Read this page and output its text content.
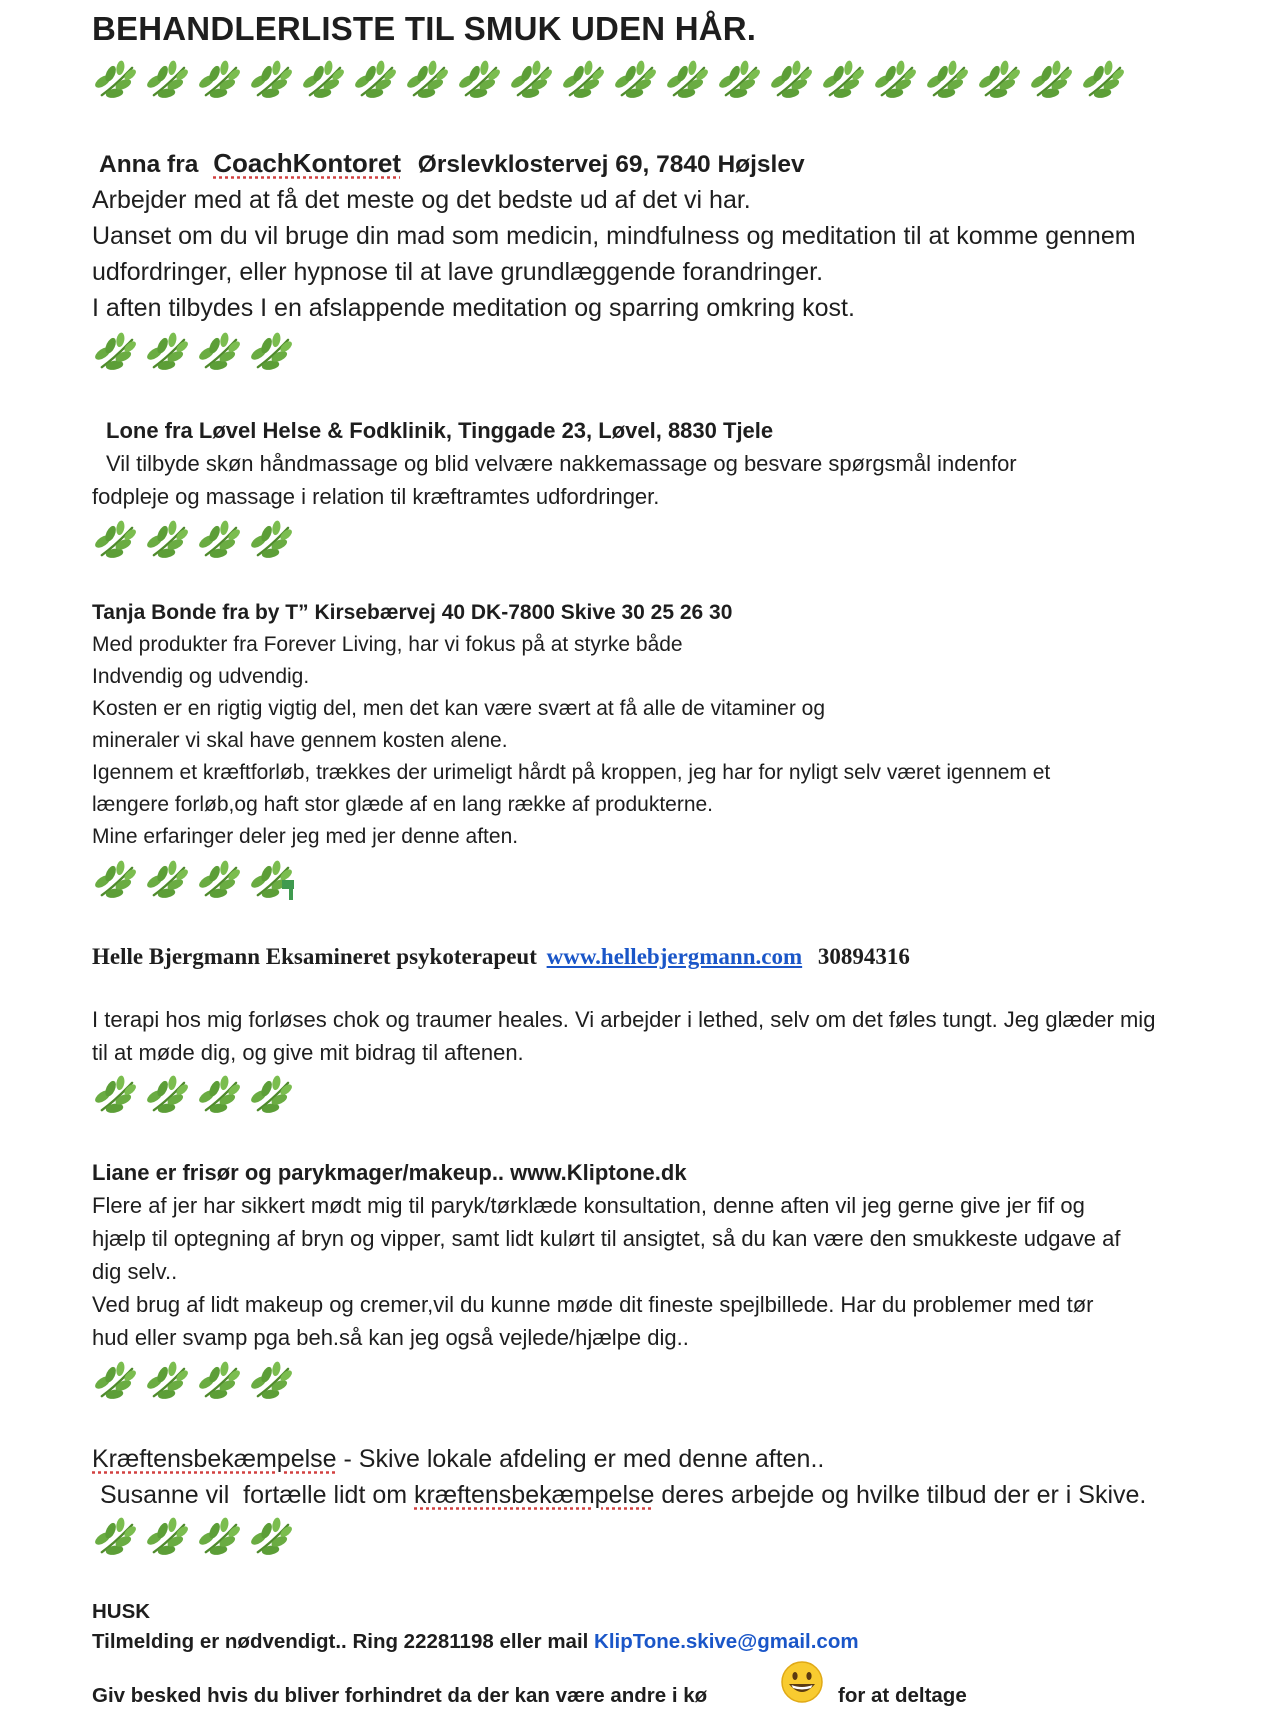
BEHANDLERLISTE TIL SMUK UDEN HÅR.
Anna fra CoachKontoret Ørslevklostervej 69, 7840 Højslev
Arbejder med at få det meste og det bedste ud af det vi har.
Uanset om du vil bruge din mad som medicin, mindfulness og meditation til at komme gennem
udfordringer, eller hypnose til at lave grundlæggende forandringer.
I aften tilbydes I en afslappende meditation og sparring omkring kost.
Lone fra Løvel Helse & Fodklinik, Tinggade 23, Løvel, 8830 Tjele
Vil tilbyde skøn håndmassage og blid velvære nakkemassage og besvare spørgsmål indenfor
fodpleje og massage i relation til kræftramtes udfordringer.
Tanja Bonde fra by T” Kirsebærvej 40 DK-7800 Skive 30 25 26 30
Med produkter fra Forever Living, har vi fokus på at styrke både
Indvendig og udvendig.
Kosten er en rigtig vigtig del, men det kan være svært at få alle de vitaminer og
mineraler vi skal have gennem kosten alene.
Igennem et kræftforløb, trækkes der urimeligt hårdt på kroppen, jeg har for nyligt selv været igennem et
længere forløb,og haft stor glæde af en lang række af produkterne.
Mine erfaringer deler jeg med jer denne aften.
Helle Bjergmann Eksamineret psykoterapeut www.hellebjergmann.com 30894316
I terapi hos mig forløses chok og traumer heales. Vi arbejder i lethed, selv om det føles tungt. Jeg glæder mig
til at møde dig, og give mit bidrag til aftenen.
Liane er frisør og parykmager/makeup.. www.Kliptone.dk
Flere af jer har sikkert mødt mig til paryk/tørklæde konsultation, denne aften vil jeg gerne give jer fif og
hjælp til optegning af bryn og vipper, samt lidt kulørt til ansigtet, så du kan være den smukkeste udgave af
dig selv..
Ved brug af lidt makeup og cremer,vil du kunne møde dit fineste spejlbillede. Har du problemer med tør
hud eller svamp pga beh.så kan jeg også vejlede/hjælpe dig..
Kræftensbekæmpelse - Skive lokale afdeling er med denne aften..
Susanne vil  fortælle lidt om kræftensbekæmpelse deres arbejde og hvilke tilbud der er i Skive.
HUSK
Tilmelding er nødvendigt.. Ring 22281198 eller mail KlipTone.skive@gmail.com
Giv besked hvis du bliver forhindret da der kan være andre i kø	for at deltage
